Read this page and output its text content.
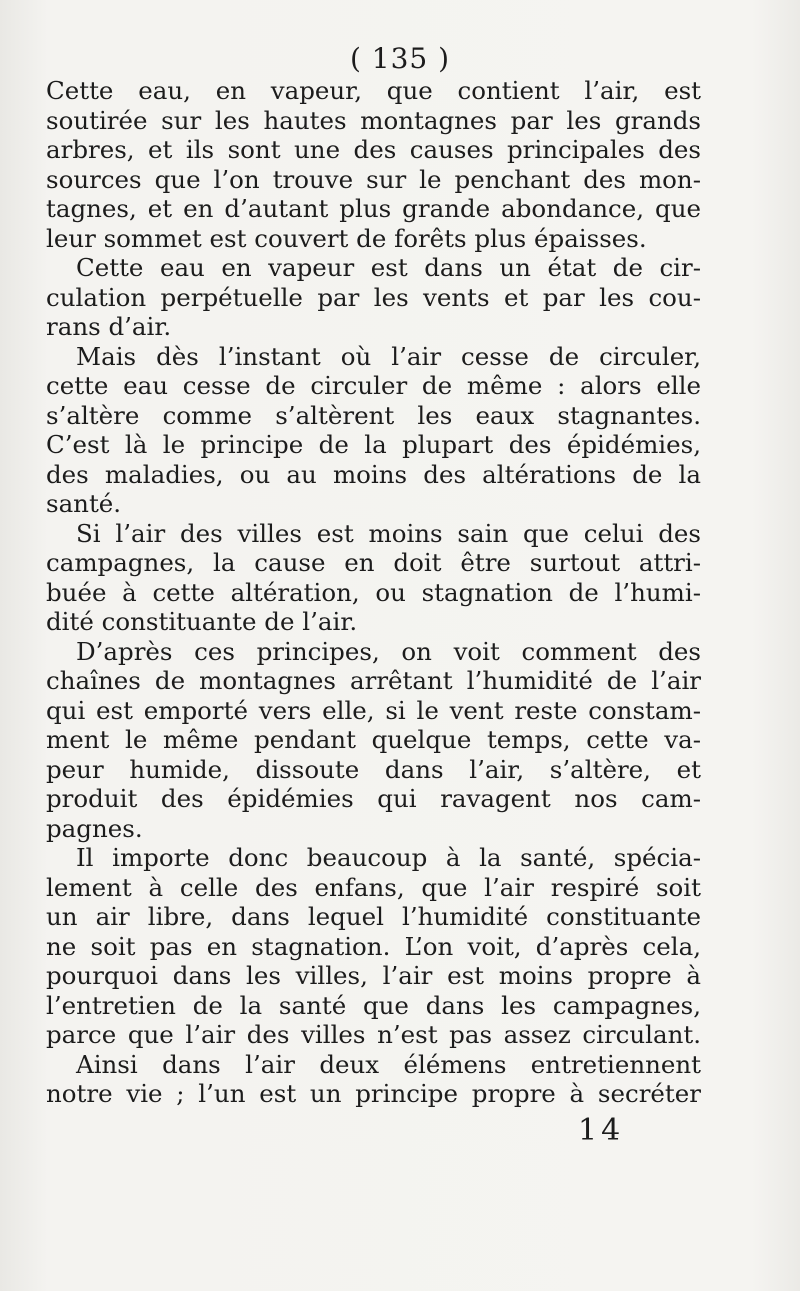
( 135 )
Cette eau, en vapeur, que contient l’air, est
soutirée sur les hautes montagnes par les grands
arbres, et ils sont une des causes principales des
sources que l’on trouve sur le penchant des mon-
tagnes, et en d’autant plus grande abondance, que
leur sommet est couvert de forêts plus épaisses.
Cette eau en vapeur est dans un état de cir-
culation perpétuelle par les vents et par les cou-
rans d’air.
Mais dès l’instant où l’air cesse de circuler,
cette eau cesse de circuler de même : alors elle
s’altère comme s’altèrent les eaux stagnantes.
C’est là le principe de la plupart des épidémies,
des maladies, ou au moins des altérations de la
santé.
Si l’air des villes est moins sain que celui des
campagnes, la cause en doit être surtout attri-
buée à cette altération, ou stagnation de l’humi-
dité constituante de l’air.
D’après ces principes, on voit comment des
chaînes de montagnes arrêtant l’humidité de l’air
qui est emporté vers elle, si le vent reste constam-
ment le même pendant quelque temps, cette va-
peur humide, dissoute dans l’air, s’altère, et
produit des épidémies qui ravagent nos cam-
pagnes.
Il importe donc beaucoup à la santé, spécia-
lement à celle des enfans, que l’air respiré soit
un air libre, dans lequel l’humidité constituante
ne soit pas en stagnation. L’on voit, d’après cela,
pourquoi dans les villes, l’air est moins propre à
l’entretien de la santé que dans les campagnes,
parce que l’air des villes n’est pas assez circulant.
Ainsi dans l’air deux élémens entretiennent
notre vie ; l’un est un principe propre à secréter
14
